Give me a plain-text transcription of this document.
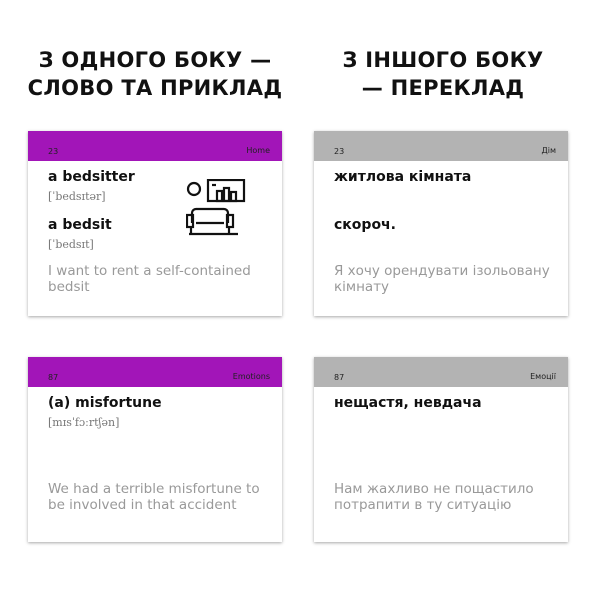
З ОДНОГО БОКУ — СЛОВО ТА ПРИКЛАД
З ІНШОГО БОКУ — ПЕРЕКЛАД
23	Home
a bedsitter
[ˈbedsɪtər]
a bedsit
[ˈbedsɪt]
I want to rent a self-contained bedsit
23	Дім
житлова кімната
скороч.
Я хочу орендувати ізольовану кімнату
87	Emotions
(a) misfortune
[mɪsˈfɔːrtʃən]
We had a terrible misfortune to be involved in that accident
87	Емоції
нещастя, невдача
Нам жахливо не пощастило потрапити в ту ситуацію
